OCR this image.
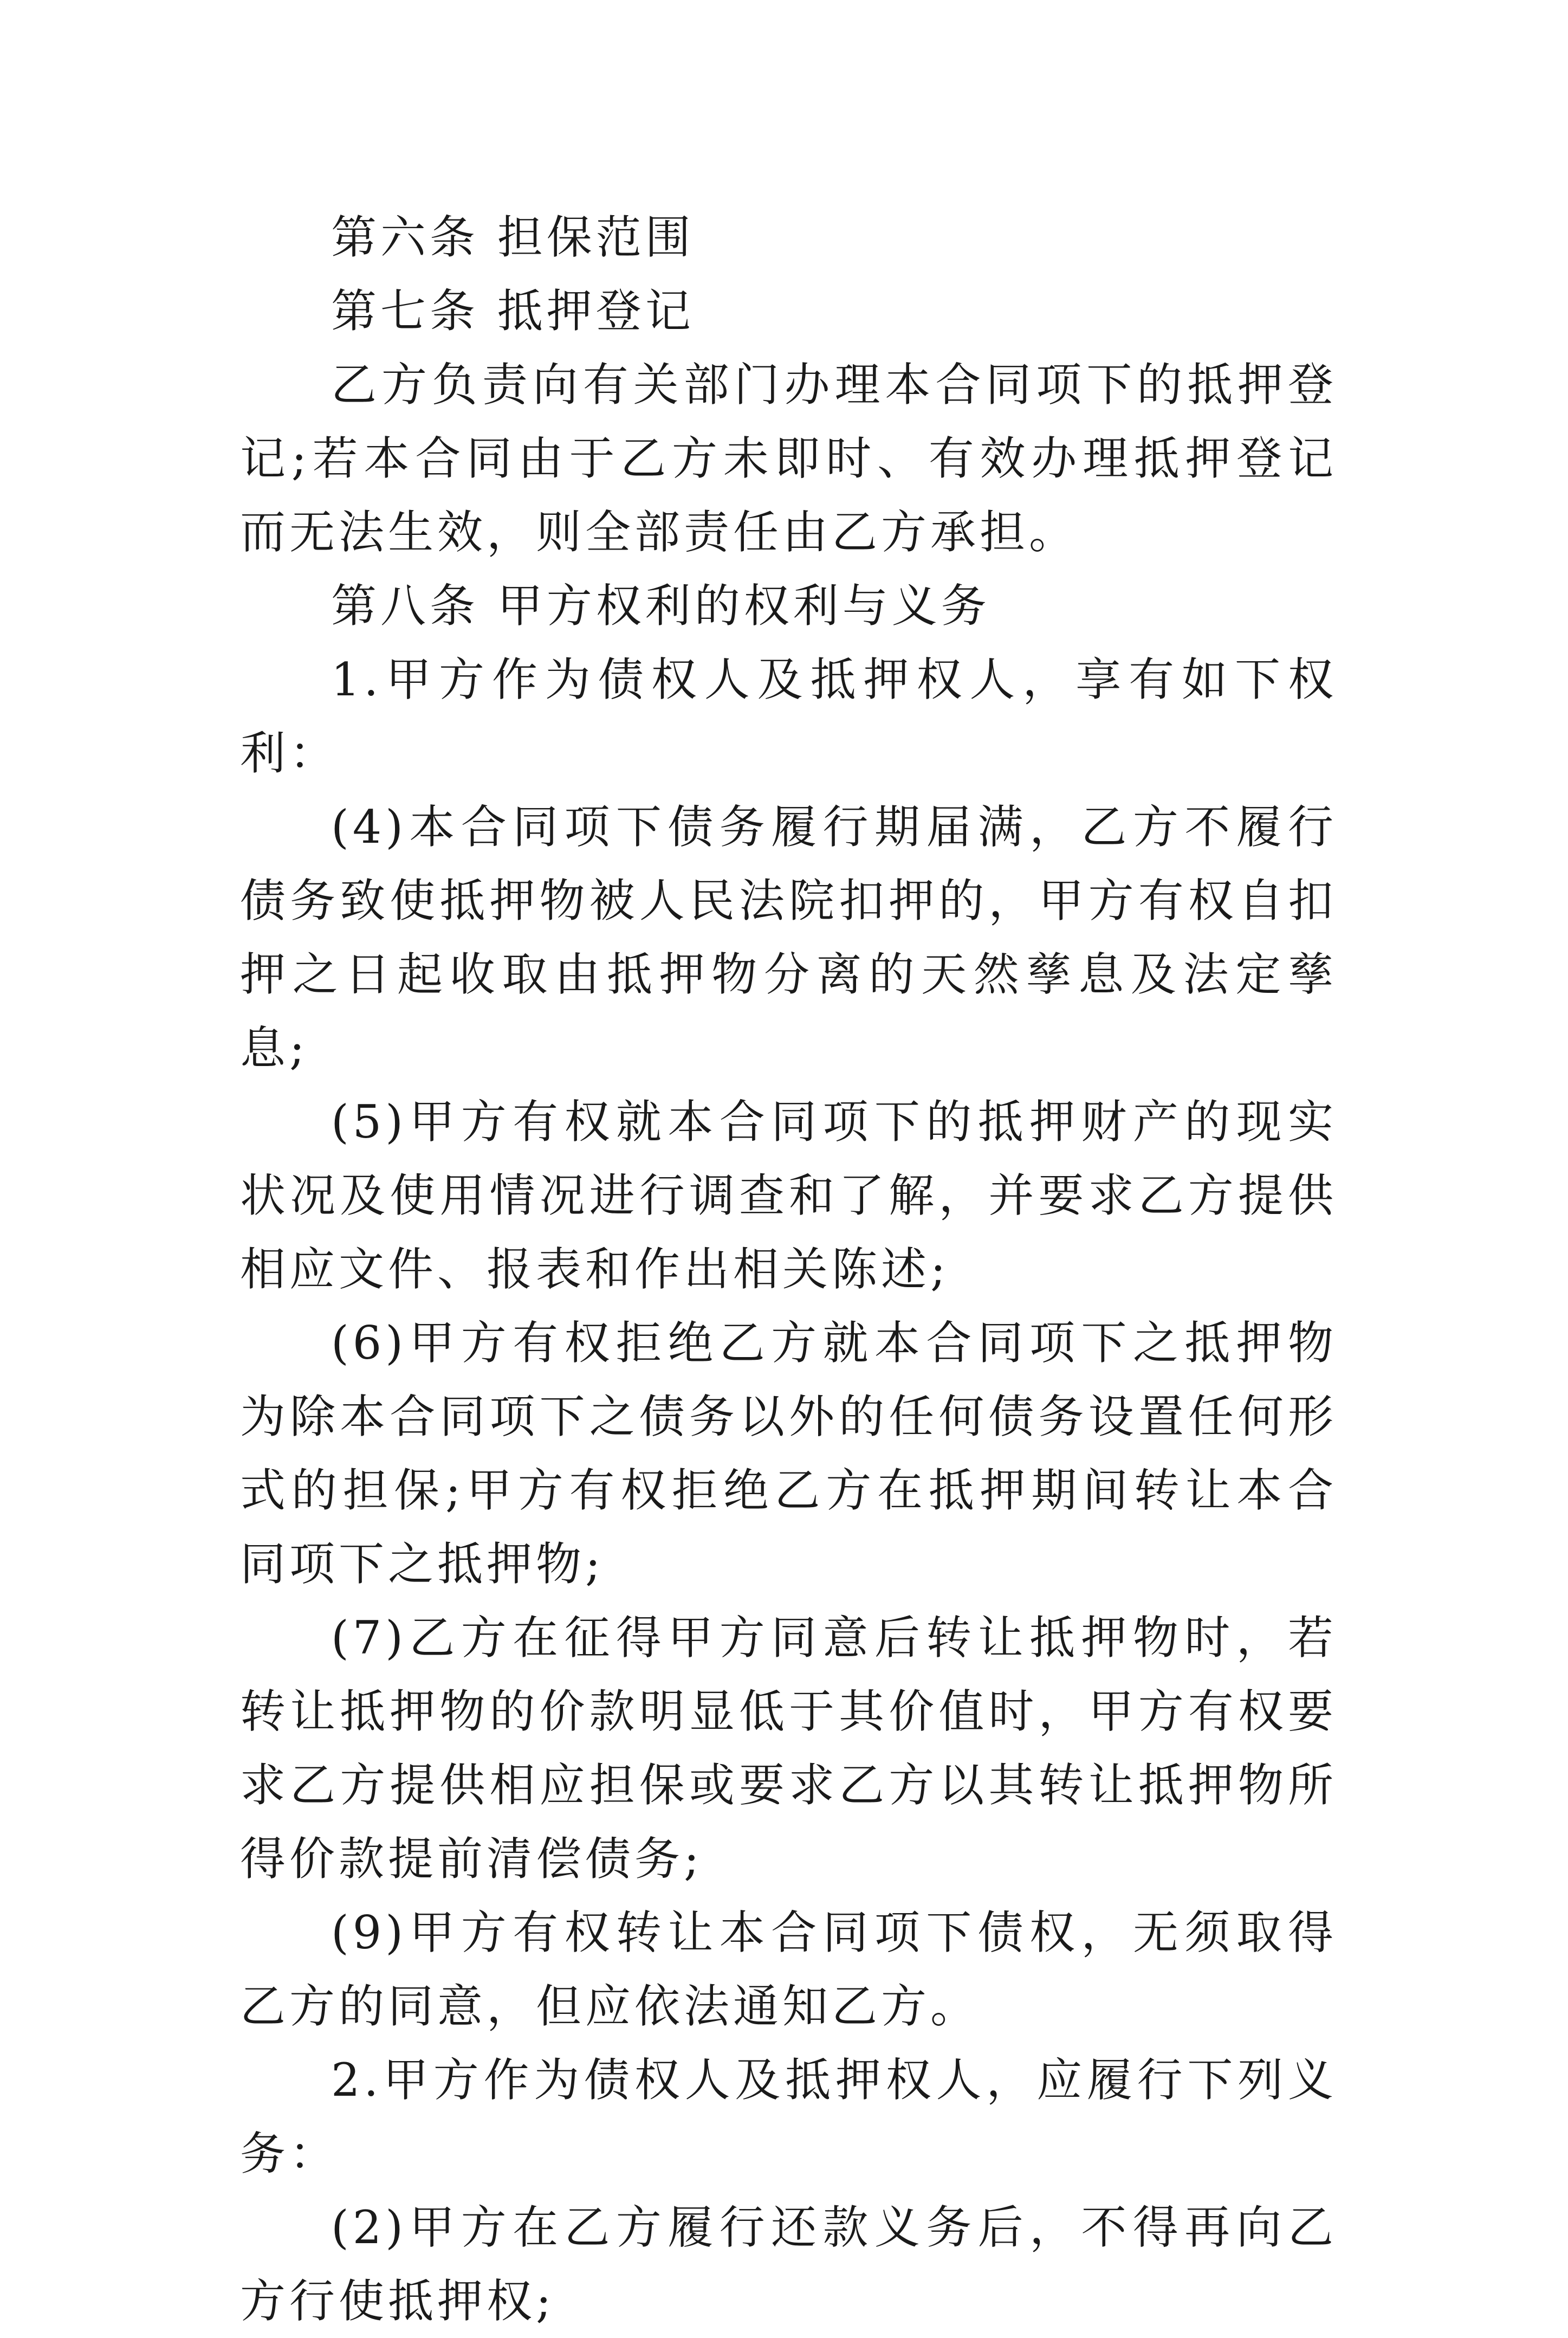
第六条 担保范围

第七条 抵押登记

乙方负责向有关部门办理本合同项下的抵押登记;若本合同由于乙方未即时、有效办理抵押登记而无法生效，则全部责任由乙方承担。

第八条 甲方权利的权利与义务

1.甲方作为债权人及抵押权人，享有如下权利：

(4)本合同项下债务履行期届满，乙方不履行债务致使抵押物被人民法院扣押的，甲方有权自扣押之日起收取由抵押物分离的天然孳息及法定孳息;

(5)甲方有权就本合同项下的抵押财产的现实状况及使用情况进行调查和了解，并要求乙方提供相应文件、报表和作出相关陈述;

(6)甲方有权拒绝乙方就本合同项下之抵押物为除本合同项下之债务以外的任何债务设置任何形式的担保;甲方有权拒绝乙方在抵押期间转让本合同项下之抵押物;

(7)乙方在征得甲方同意后转让抵押物时，若转让抵押物的价款明显低于其价值时，甲方有权要求乙方提供相应担保或要求乙方以其转让抵押物所得价款提前清偿债务;

(9)甲方有权转让本合同项下债权，无须取得乙方的同意，但应依法通知乙方。

2.甲方作为债权人及抵押权人，应履行下列义务：

(2)甲方在乙方履行还款义务后，不得再向乙方行使抵押权;
